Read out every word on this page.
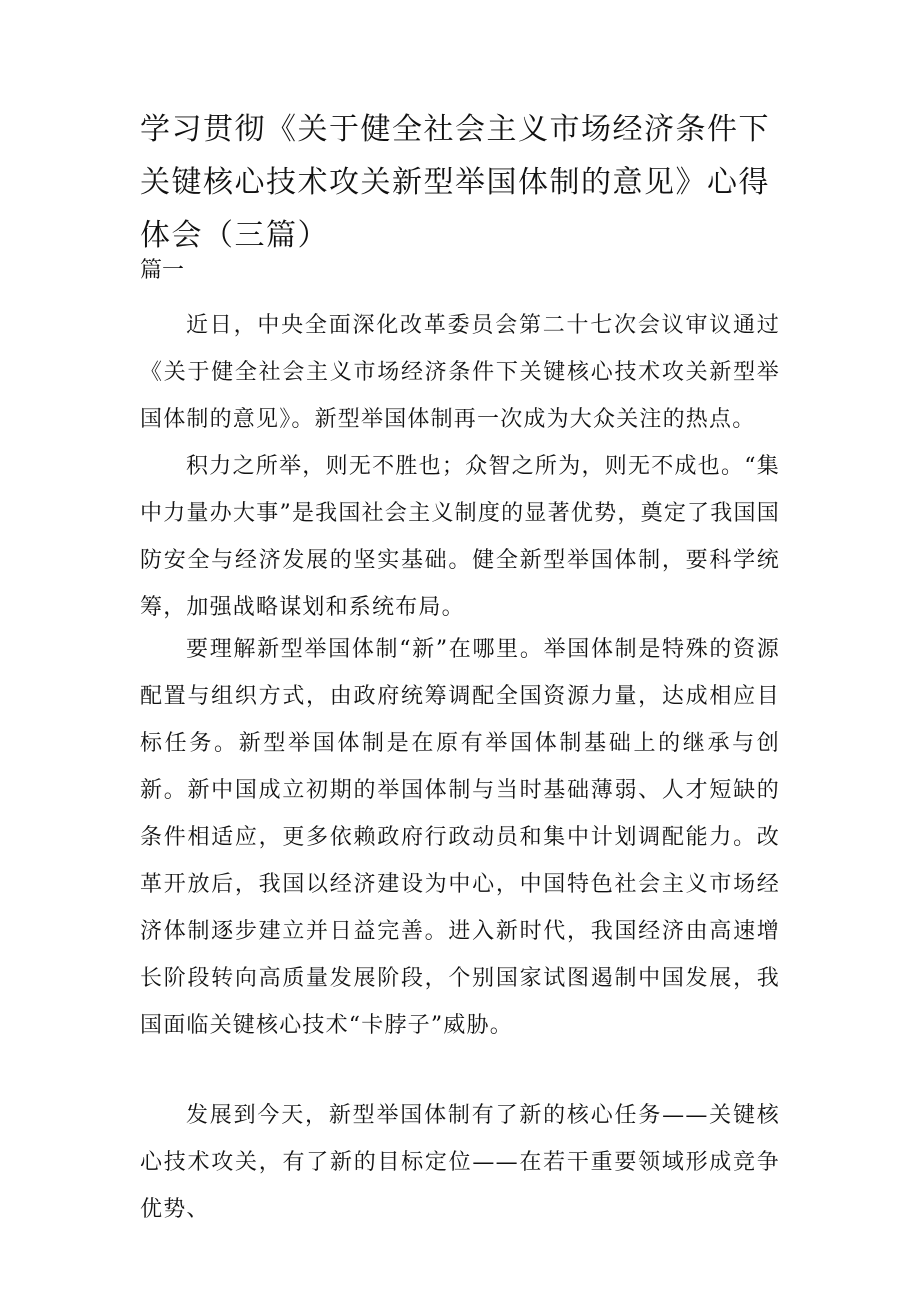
学习贯彻《关于健全社会主义市场经济条件下关键核心技术攻关新型举国体制的意见》心得体会（三篇）

篇一

近日，中央全面深化改革委员会第二十七次会议审议通过《关于健全社会主义市场经济条件下关键核心技术攻关新型举国体制的意见》。新型举国体制再一次成为大众关注的热点。

积力之所举，则无不胜也；众智之所为，则无不成也。“集中力量办大事”是我国社会主义制度的显著优势，奠定了我国国防安全与经济发展的坚实基础。健全新型举国体制，要科学统筹，加强战略谋划和系统布局。

要理解新型举国体制“新”在哪里。举国体制是特殊的资源配置与组织方式，由政府统筹调配全国资源力量，达成相应目标任务。新型举国体制是在原有举国体制基础上的继承与创新。新中国成立初期的举国体制与当时基础薄弱、人才短缺的条件相适应，更多依赖政府行政动员和集中计划调配能力。改革开放后，我国以经济建设为中心，中国特色社会主义市场经济体制逐步建立并日益完善。进入新时代，我国经济由高速增长阶段转向高质量发展阶段，个别国家试图遏制中国发展，我国面临关键核心技术“卡脖子”威胁。

发展到今天，新型举国体制有了新的核心任务——关键核心技术攻关，有了新的目标定位——在若干重要领域形成竞争优势、
